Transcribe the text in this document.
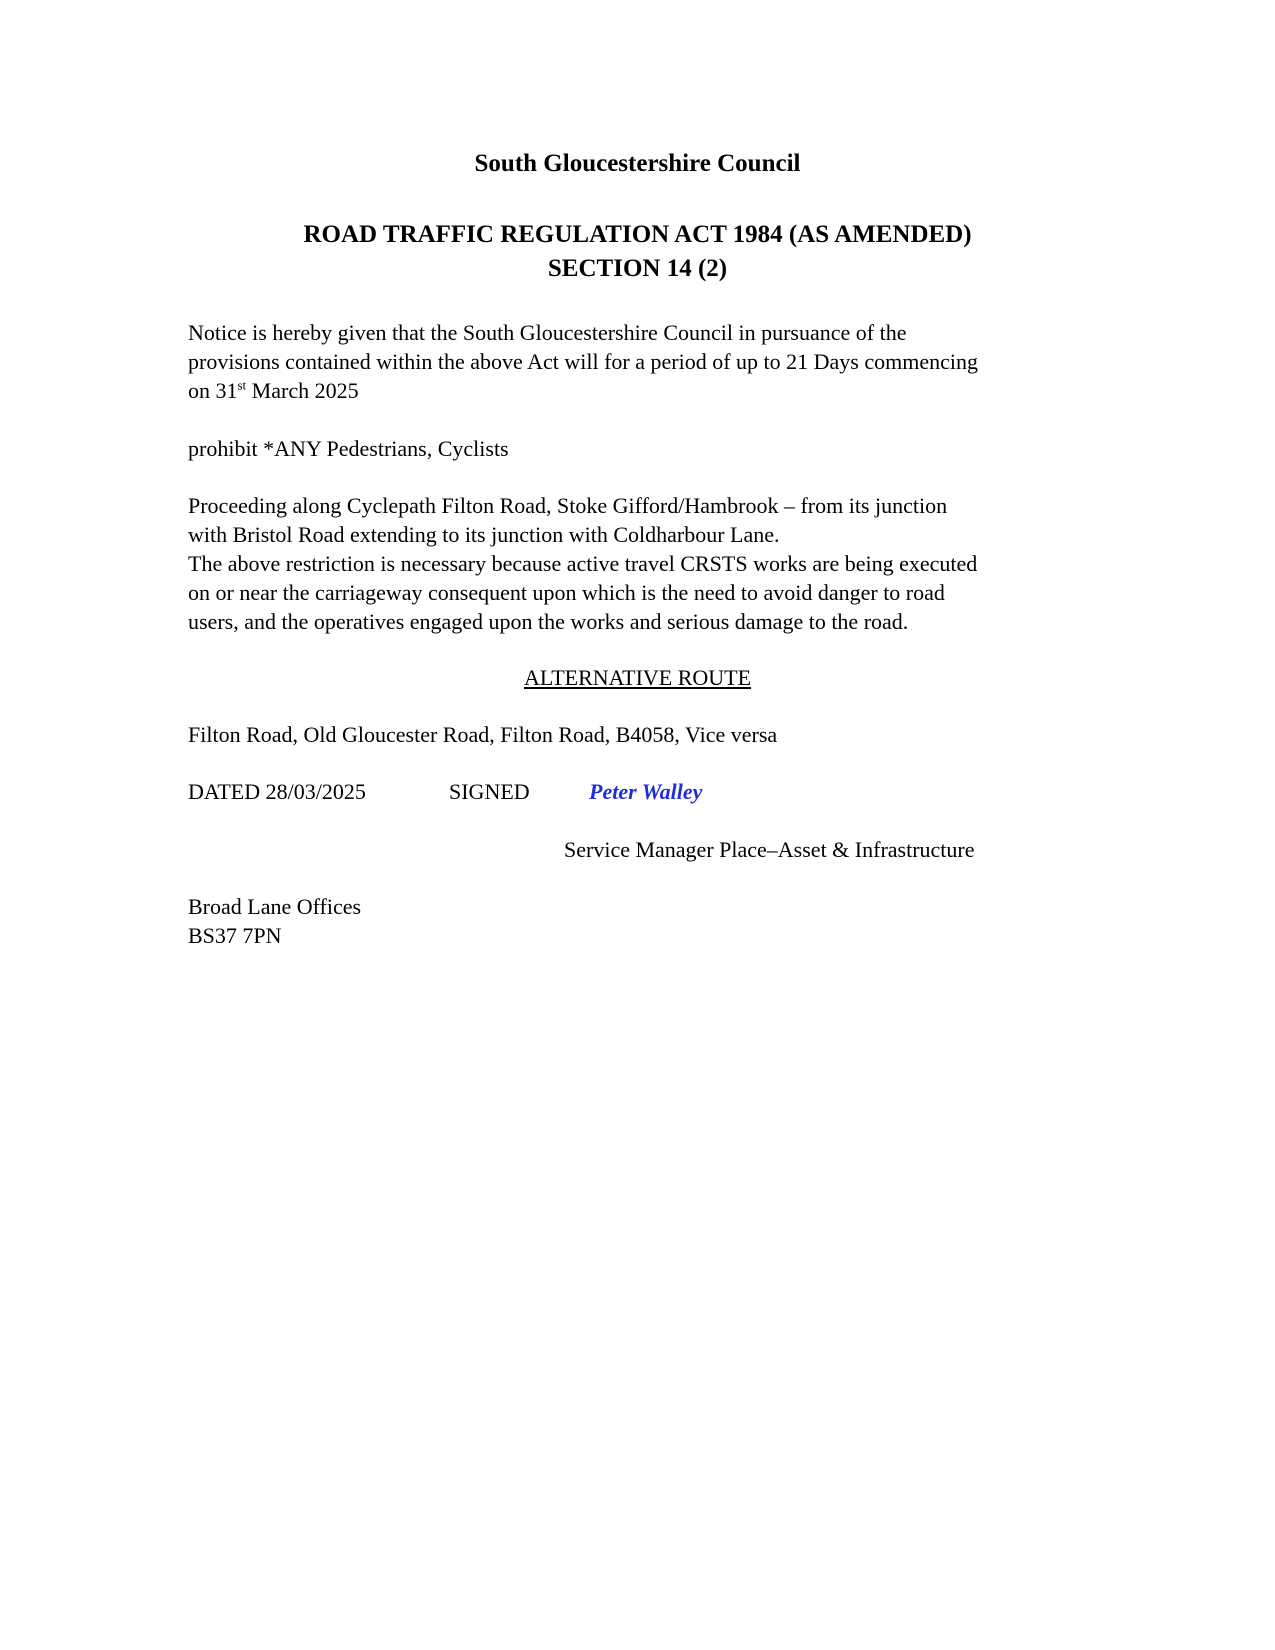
South Gloucestershire Council
ROAD TRAFFIC REGULATION ACT 1984 (AS AMENDED)
SECTION 14 (2)
Notice is hereby given that the South Gloucestershire Council in pursuance of the
provisions contained within the above Act will for a period of up to 21 Days commencing
on 31st March 2025
prohibit *ANY Pedestrians, Cyclists
Proceeding along Cyclepath Filton Road, Stoke Gifford/Hambrook – from its junction
with Bristol Road extending to its junction with Coldharbour Lane.
The above restriction is necessary because active travel CRSTS works are being executed
on or near the carriageway consequent upon which is the need to avoid danger to road
users, and the operatives engaged upon the works and serious damage to the road.
ALTERNATIVE ROUTE
Filton Road, Old Gloucester Road, Filton Road, B4058, Vice versa
DATED 28/03/2025	SIGNED	Peter Walley
Service Manager Place–Asset & Infrastructure
Broad Lane Offices
BS37 7PN
